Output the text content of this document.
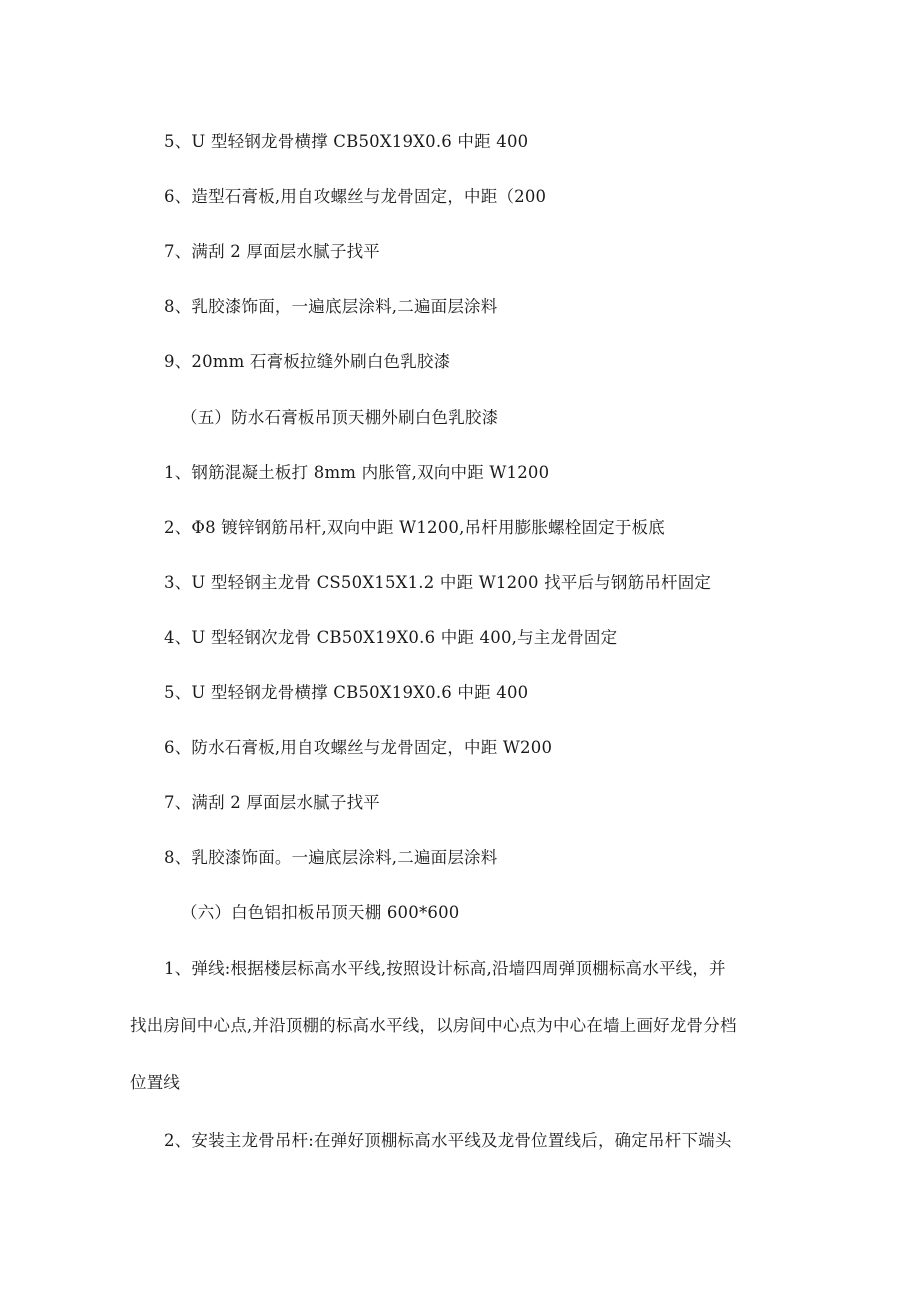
5、U 型轻钢龙骨横撑 CB50X19X0.6 中距 400
6、造型石膏板,用自攻螺丝与龙骨固定，中距（200
7、满刮 2 厚面层水腻子找平
8、乳胶漆饰面，一遍底层涂料,二遍面层涂料
9、20mm 石膏板拉缝外刷白色乳胶漆
（五）防水石膏板吊顶天棚外刷白色乳胶漆
1、钢筋混凝土板打 8mm 内胀管,双向中距 W1200
2、Φ8 镀锌钢筋吊杆,双向中距 W1200,吊杆用膨胀螺栓固定于板底
3、U 型轻钢主龙骨 CS50X15X1.2 中距 W1200 找平后与钢筋吊杆固定
4、U 型轻钢次龙骨 CB50X19X0.6 中距 400,与主龙骨固定
5、U 型轻钢龙骨横撑 CB50X19X0.6 中距 400
6、防水石膏板,用自攻螺丝与龙骨固定，中距 W200
7、满刮 2 厚面层水腻子找平
8、乳胶漆饰面。一遍底层涂料,二遍面层涂料
（六）白色铝扣板吊顶天棚 600*600
1、弹线:根据楼层标高水平线,按照设计标高,沿墙四周弹顶棚标高水平线，并
找出房间中心点,并沿顶棚的标高水平线，以房间中心点为中心在墙上画好龙骨分档
位置线
2、安装主龙骨吊杆:在弹好顶棚标高水平线及龙骨位置线后，确定吊杆下端头
